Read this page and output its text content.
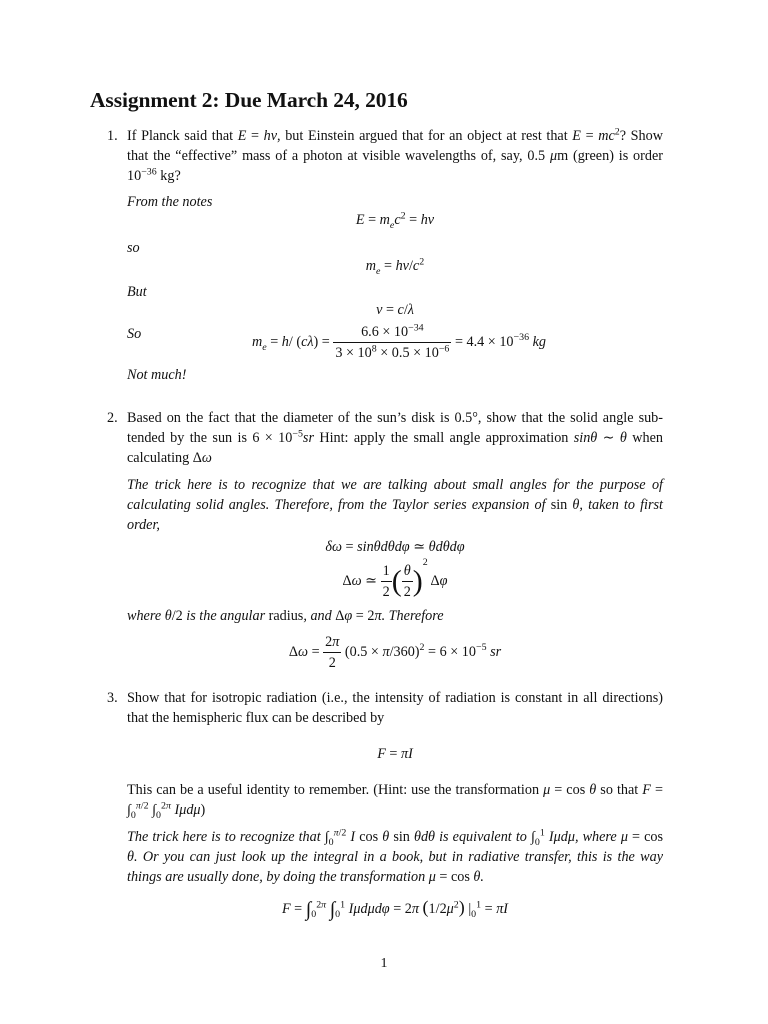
Assignment 2: Due March 24, 2016
1. If Planck said that E = hν, but Einstein argued that for an object at rest that $E = mc^2$? Show that the “effective” mass of a photon at visible wavelengths of, say, 0.5 μm (green) is order $10^{-36}$ kg?
From the notes
$E = m_ec^2 = h\nu$
so
$m_e = h\nu/c^2$
But
ν = c/λ
So	$m_e = h/$ $(c\lambda) = \frac{6.6 \times 10^{-34}}{3 \times 10^8 \times 0.5 \times 10^{-6}} = 4.4 \times 10^{-36}$ kg
Not much!
2. Based on the fact that the diameter of the sun’s disk is 0.5°, show that the solid angle sub-tended by the sun is $6 \times 10^{-5}sr$ Hint: apply the small angle approximation sinθ ∼ θ when calculating Δω
The trick here is to recognize that we are talking about small angles for the purpose of calculating solid angles. Therefore, from the Taylor series expansion of sin θ, taken to first order,
δω = sinθdθdφ ≃ θdθdφ
Δω ≃ $\frac{1}{2}$ ( $\frac{\theta}{2} )^2$ Δφ
where θ/2 is the angular radius, and Δφ = 2π. Therefore
$\Delta\omega = \frac{2\pi}{2} (0.5 \times \pi/360)^2 = 6 \times 10^{-5}$ sr
3. Show that for isotropic radiation (i.e., the intensity of radiation is constant in all directions) that the hemispheric flux can be described by
F = πI
This can be a useful identity to remember. (Hint: use the transformation μ = cos θ so that $F = \int_0^{\pi/2}$ $\int_0^{2\pi}$ Iμdμ)
The trick here is to recognize that $\int_0^{\pi/2}$ I cos θ sin θdθ is equivalent to $\int_0^1$ Iμdμ, where μ = cos θ. Or you can just look up the integral in a book, but in radiative transfer, this is the way things are usually done, by doing the transformation μ = cos θ.
$F = \int_0^{2\pi}$ $\int_0^1$ Iμdμdφ = 2π $(1/2\mu^2) |_0^1 = \pi I$
1
